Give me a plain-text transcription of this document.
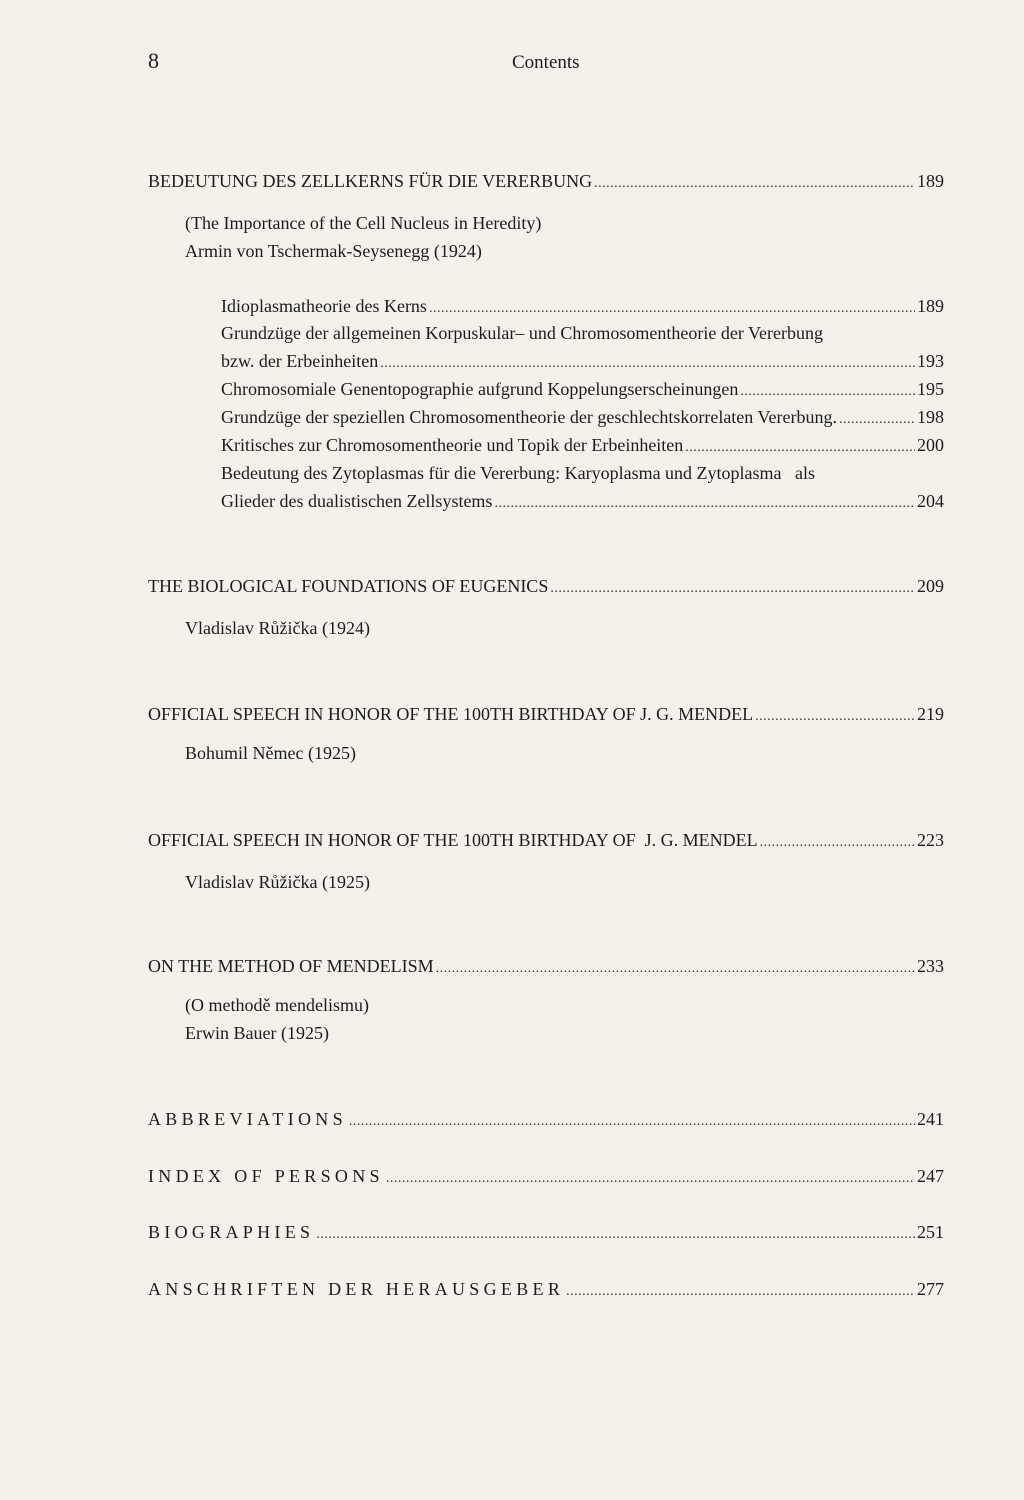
8	Contents
BEDEUTUNG DES ZELLKERNS FÜR DIE VERERBUNG .....	189
(The Importance of the Cell Nucleus in Heredity)
Armin von Tschermak-Seysenegg (1924)
Idioplasmatheorie des Kerns .....	189
Grundzüge der allgemeinen Korpuskular– und Chromosomentheorie der Vererbung
bzw. der Erbeinheiten .....	193
Chromosomiale Genentopographie aufgrund Koppelungserscheinungen .....	195
Grundzüge der speziellen Chromosomentheorie der geschlechtskorrelaten Vererbung. .....	198
Kritisches zur Chromosomentheorie und Topik der Erbeinheiten .....	200
Bedeutung des Zytoplasmas für die Vererbung: Karyoplasma und Zytoplasma   als
Glieder des dualistischen Zellsystems .....	204
THE BIOLOGICAL FOUNDATIONS OF EUGENICS .....	209
Vladislav Růžička (1924)
OFFICIAL SPEECH IN HONOR OF THE 100TH BIRTHDAY OF J. G. MENDEL .....	219
Bohumil Němec (1925)
OFFICIAL SPEECH IN HONOR OF THE 100TH BIRTHDAY OF  J. G. MENDEL .....	223
Vladislav Růžička (1925)
ON THE METHOD OF MENDELISM .....	233
(O methodě mendelismu)
Erwin Bauer (1925)
ABBREVIATIONS .....	241
INDEX OF PERSONS .....	247
BIOGRAPHIES .....	251
ANSCHRIFTEN DER HERAUSGEBER .....	277
